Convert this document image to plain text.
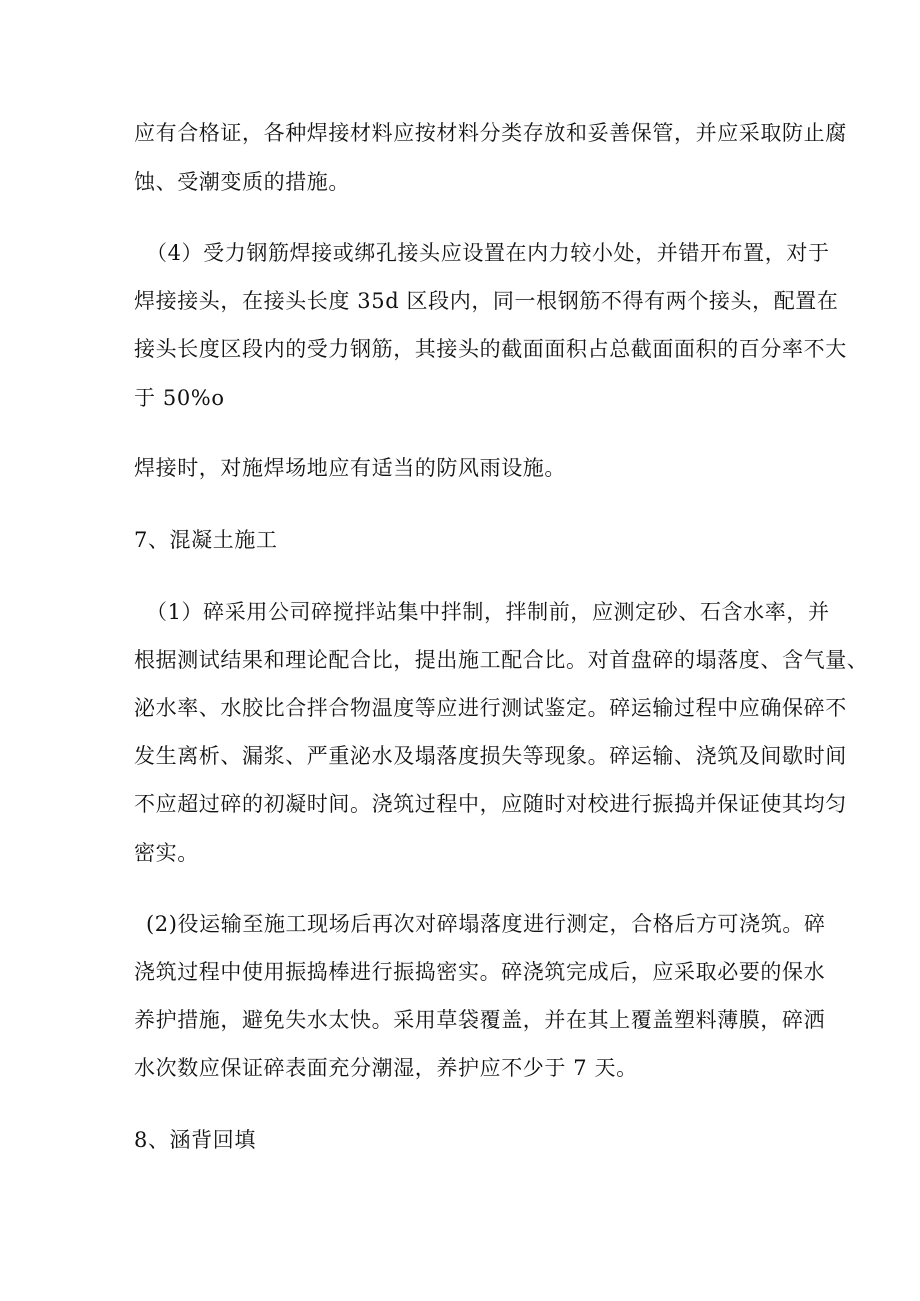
应有合格证，各种焊接材料应按材料分类存放和妥善保管，并应采取防止腐
蚀、受潮变质的措施。
（4）受力钢筋焊接或绑孔接头应设置在内力较小处，并错开布置，对于
焊接接头，在接头长度 35d 区段内，同一根钢筋不得有两个接头，配置在
接头长度区段内的受力钢筋，其接头的截面面积占总截面面积的百分率不大
于 50%o
焊接时，对施焊场地应有适当的防风雨设施。
7、混凝土施工
（1）碎采用公司碎搅拌站集中拌制，拌制前，应测定砂、石含水率，并
根据测试结果和理论配合比，提出施工配合比。对首盘碎的塌落度、含气量、
泌水率、水胶比合拌合物温度等应进行测试鉴定。碎运输过程中应确保碎不
发生离析、漏浆、严重泌水及塌落度损失等现象。碎运输、浇筑及间歇时间
不应超过碎的初凝时间。浇筑过程中，应随时对校进行振捣并保证使其均匀
密实。
(2)役运输至施工现场后再次对碎塌落度进行测定，合格后方可浇筑。碎
浇筑过程中使用振捣棒进行振捣密实。碎浇筑完成后，应采取必要的保水
养护措施，避免失水太快。采用草袋覆盖，并在其上覆盖塑料薄膜，碎洒
水次数应保证碎表面充分潮湿，养护应不少于 7 天。
8、涵背回填
